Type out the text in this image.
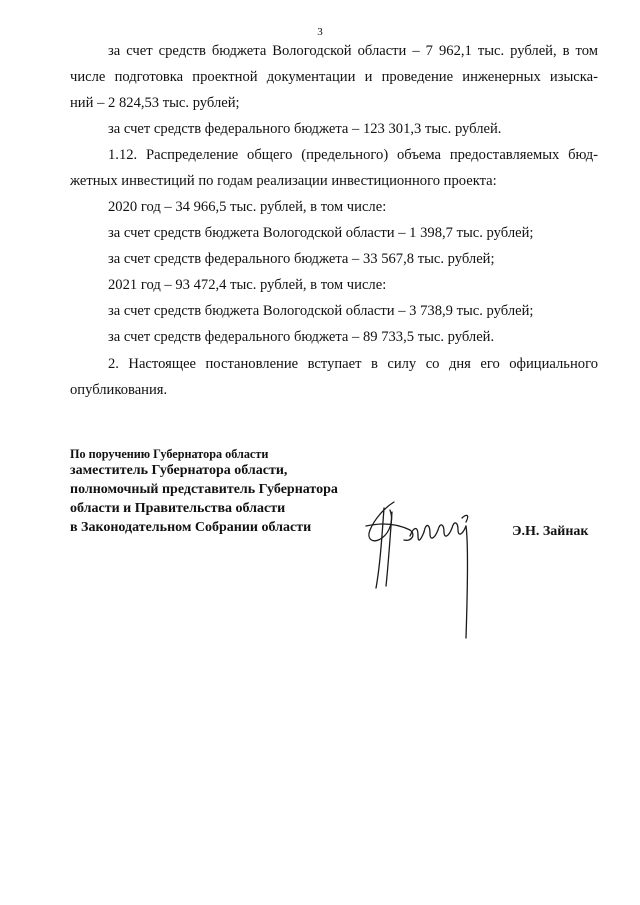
3
за счет средств бюджета Вологодской области – 7 962,1 тыс. рублей, в том
числе подготовка проектной документации и проведение инженерных изыска-
ний – 2 824,53 тыс. рублей;
за счет средств федерального бюджета – 123 301,3 тыс. рублей.
1.12. Распределение общего (предельного) объема предоставляемых бюд-
жетных инвестиций по годам реализации инвестиционного проекта:
2020 год – 34 966,5 тыс. рублей, в том числе:
за счет средств бюджета Вологодской области – 1 398,7 тыс. рублей;
за счет средств федерального бюджета – 33 567,8 тыс. рублей;
2021 год – 93 472,4 тыс. рублей, в том числе:
за счет средств бюджета Вологодской области – 3 738,9 тыс. рублей;
за счет средств федерального бюджета – 89 733,5 тыс. рублей.
2. Настоящее постановление вступает в силу со дня его официального
опубликования.
По поручению Губернатора области
заместитель Губернатора области,
полномочный представитель Губернатора
области и Правительства области
в Законодательном Собрании области	Э.Н. Зайнак
